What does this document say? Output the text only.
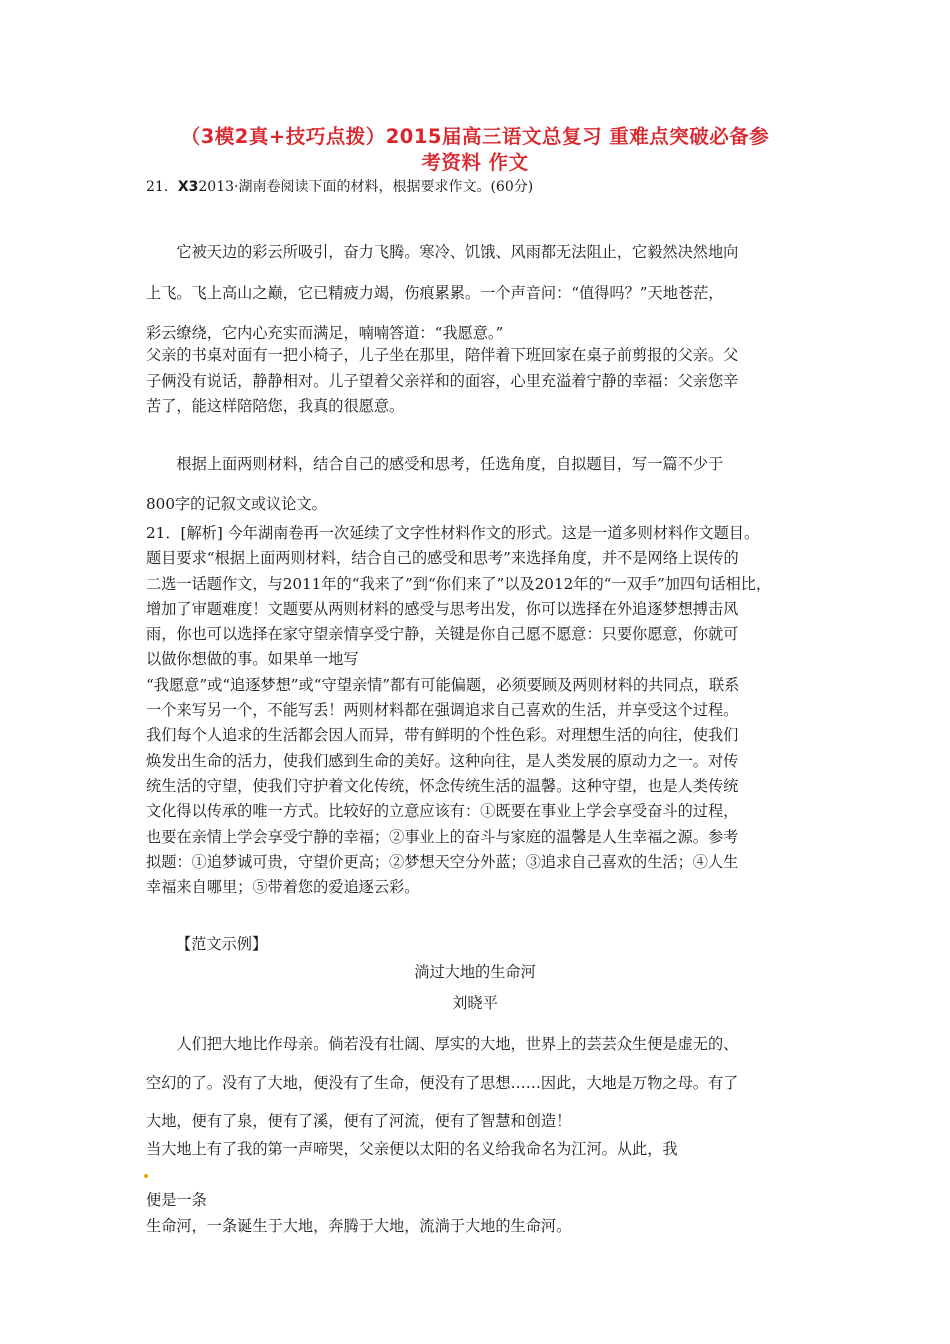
（3模2真+技巧点拨）2015届高三语文总复习 重难点突破必备参
考资料 作文
21．X32013·湖南卷阅读下面的材料，根据要求作文。(60分)
　　它被天边的彩云所吸引，奋力飞腾。寒冷、饥饿、风雨都无法阻止，它毅然决然地向
上飞。飞上高山之巅，它已精疲力竭，伤痕累累。一个声音问：“值得吗？”天地苍茫，
彩云缭绕，它内心充实而满足，喃喃答道：“我愿意。”
父亲的书桌对面有一把小椅子，儿子坐在那里，陪伴着下班回家在桌子前剪报的父亲。父
子俩没有说话，静静相对。儿子望着父亲祥和的面容，心里充溢着宁静的幸福：父亲您辛
苦了，能这样陪陪您，我真的很愿意。
　　根据上面两则材料，结合自己的感受和思考，任选角度，自拟题目，写一篇不少于
800字的记叙文或议论文。
21．[解析] 今年湖南卷再一次延续了文字性材料作文的形式。这是一道多则材料作文题目。
题目要求“根据上面两则材料，结合自己的感受和思考”来选择角度，并不是网络上误传的
二选一话题作文，与2011年的“我来了”到“你们来了”以及2012年的“一双手”加四句话相比，
增加了审题难度！文题要从两则材料的感受与思考出发，你可以选择在外追逐梦想搏击风
雨，你也可以选择在家守望亲情享受宁静，关键是你自己愿不愿意：只要你愿意，你就可
以做你想做的事。如果单一地写
“我愿意”或“追逐梦想”或“守望亲情”都有可能偏题，必须要顾及两则材料的共同点，联系
一个来写另一个，不能写丢！两则材料都在强调追求自己喜欢的生活，并享受这个过程。
我们每个人追求的生活都会因人而异，带有鲜明的个性色彩。对理想生活的向往，使我们
焕发出生命的活力，使我们感到生命的美好。这种向往，是人类发展的原动力之一。对传
统生活的守望，使我们守护着文化传统，怀念传统生活的温馨。这种守望，也是人类传统
文化得以传承的唯一方式。比较好的立意应该有：①既要在事业上学会享受奋斗的过程，
也要在亲情上学会享受宁静的幸福；②事业上的奋斗与家庭的温馨是人生幸福之源。参考
拟题：①追梦诚可贵，守望价更高；②梦想天空分外蓝；③追求自己喜欢的生活；④人生
幸福来自哪里；⑤带着您的爱追逐云彩。
【范文示例】
淌过大地的生命河
刘晓平
　　人们把大地比作母亲。倘若没有壮阔、厚实的大地，世界上的芸芸众生便是虚无的、
空幻的了。没有了大地，便没有了生命，便没有了思想……因此，大地是万物之母。有了
大地，便有了泉，便有了溪，便有了河流，便有了智慧和创造！
当大地上有了我的第一声啼哭，父亲便以太阳的名义给我命名为江河。从此，我
便是一条
生命河，一条诞生于大地，奔腾于大地，流淌于大地的生命河。
